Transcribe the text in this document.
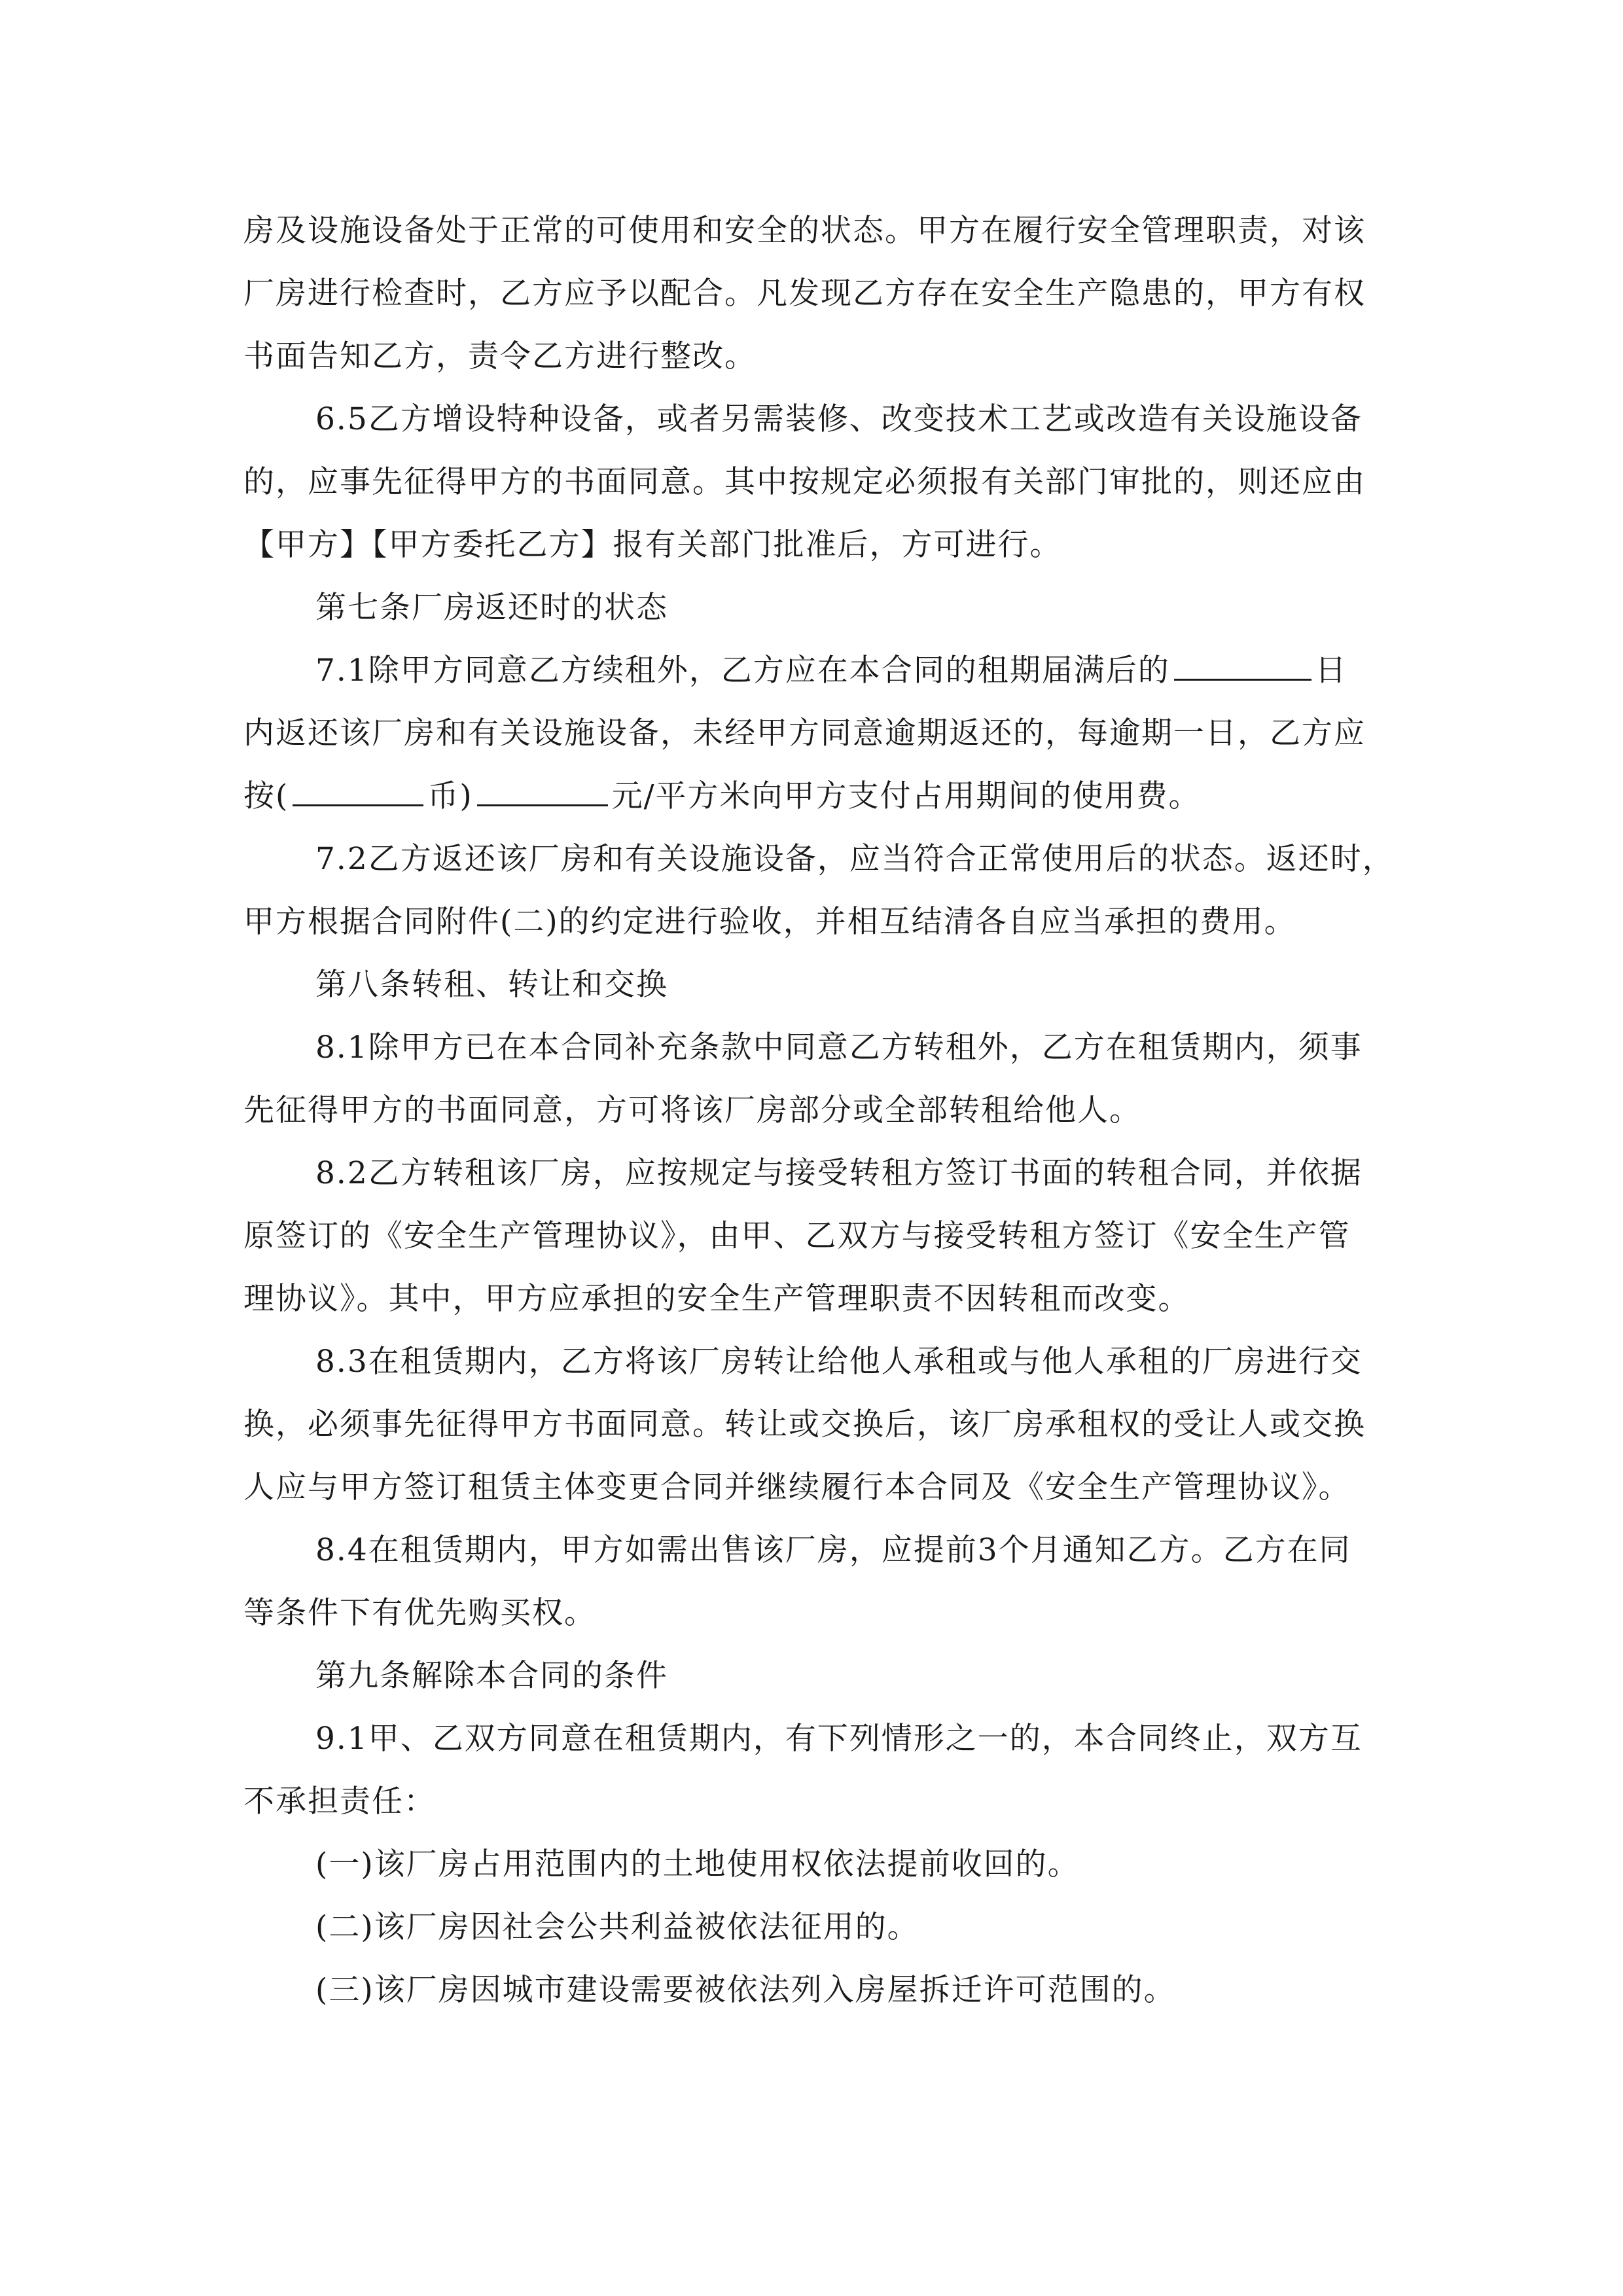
房及设施设备处于正常的可使用和安全的状态。甲方在履行安全管理职责，对该
厂房进行检查时，乙方应予以配合。凡发现乙方存在安全生产隐患的，甲方有权
书面告知乙方，责令乙方进行整改。
6.5乙方增设特种设备，或者另需装修、改变技术工艺或改造有关设施设备
的，应事先征得甲方的书面同意。其中按规定必须报有关部门审批的，则还应由
【甲方】【甲方委托乙方】报有关部门批准后，方可进行。
第七条厂房返还时的状态
7.1除甲方同意乙方续租外，乙方应在本合同的租期届满后的	日
内返还该厂房和有关设施设备，未经甲方同意逾期返还的，每逾期一日，乙方应
按(	币)	元/平方米向甲方支付占用期间的使用费。
7.2乙方返还该厂房和有关设施设备，应当符合正常使用后的状态。返还时，
甲方根据合同附件(二)的约定进行验收，并相互结清各自应当承担的费用。
第八条转租、转让和交换
8.1除甲方已在本合同补充条款中同意乙方转租外，乙方在租赁期内，须事
先征得甲方的书面同意，方可将该厂房部分或全部转租给他人。
8.2乙方转租该厂房，应按规定与接受转租方签订书面的转租合同，并依据
原签订的《安全生产管理协议》，由甲、乙双方与接受转租方签订《安全生产管
理协议》。其中，甲方应承担的安全生产管理职责不因转租而改变。
8.3在租赁期内，乙方将该厂房转让给他人承租或与他人承租的厂房进行交
换，必须事先征得甲方书面同意。转让或交换后，该厂房承租权的受让人或交换
人应与甲方签订租赁主体变更合同并继续履行本合同及《安全生产管理协议》。
8.4在租赁期内，甲方如需出售该厂房，应提前3个月通知乙方。乙方在同
等条件下有优先购买权。
第九条解除本合同的条件
9.1甲、乙双方同意在租赁期内，有下列情形之一的，本合同终止，双方互
不承担责任：
(一)该厂房占用范围内的土地使用权依法提前收回的。
(二)该厂房因社会公共利益被依法征用的。
(三)该厂房因城市建设需要被依法列入房屋拆迁许可范围的。
